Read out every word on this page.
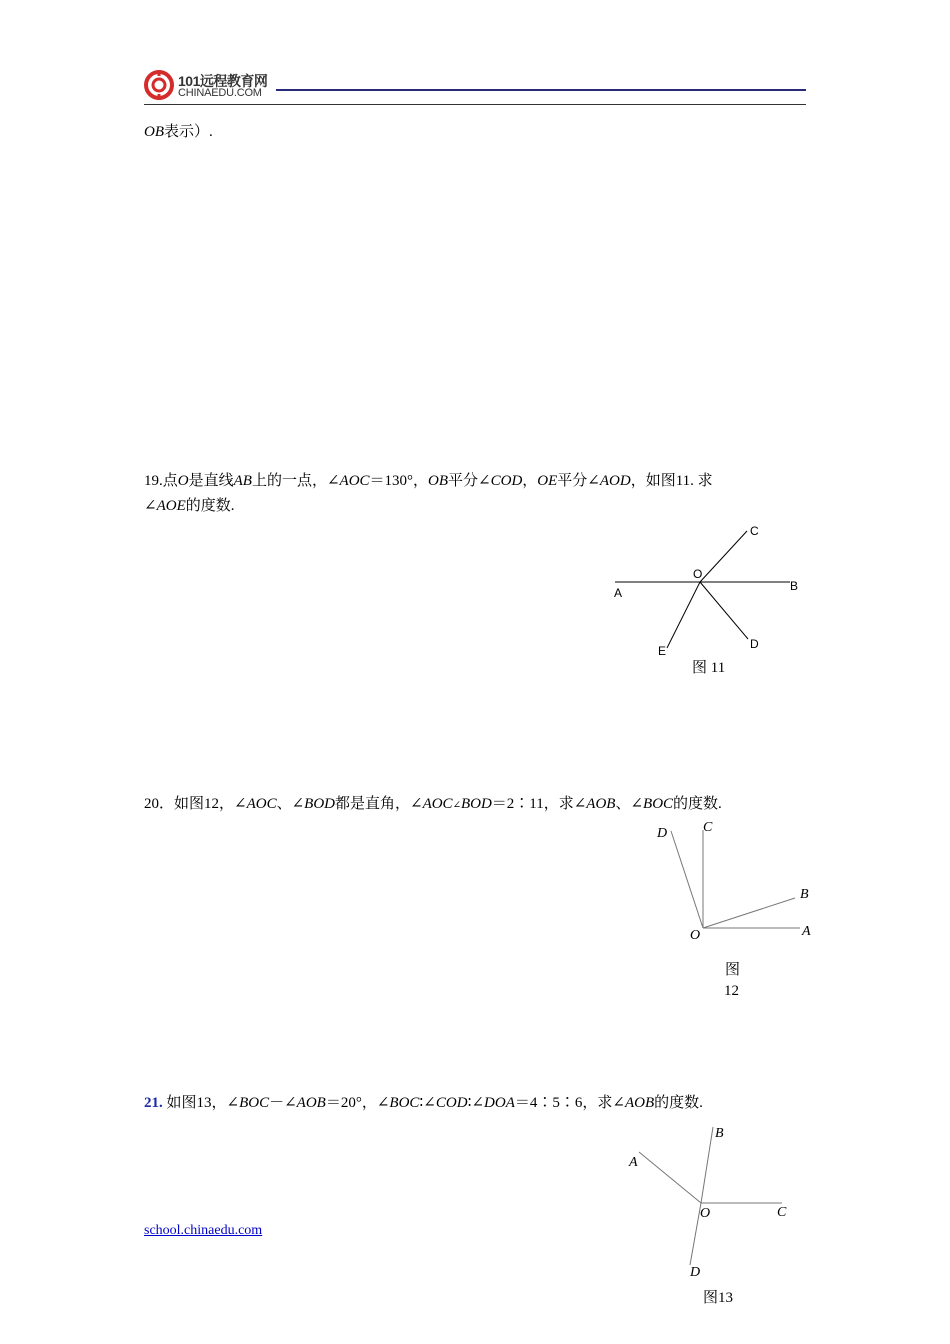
101远程教育网
CHINAEDU.COM
OB表示）.
19.点O是直线AB上的一点，∠AOC＝130°，OB平分∠COD，OE平分∠AOD，如图11. 求
∠AOE的度数.
A	B
C
D
E
O
图 11
20．如图12，∠AOC、∠BOD都是直角，∠AOC∠BOD＝2∶11，求∠AOB、∠BOC的度数.
A
B
C
D
O
图
12
21. 如图13，∠BOC－∠AOB＝20°，∠BOC∶∠COD∶∠DOA＝4∶5∶6，求∠AOB的度数.
B
A
C
O
D
图13
school.chinaedu.com
